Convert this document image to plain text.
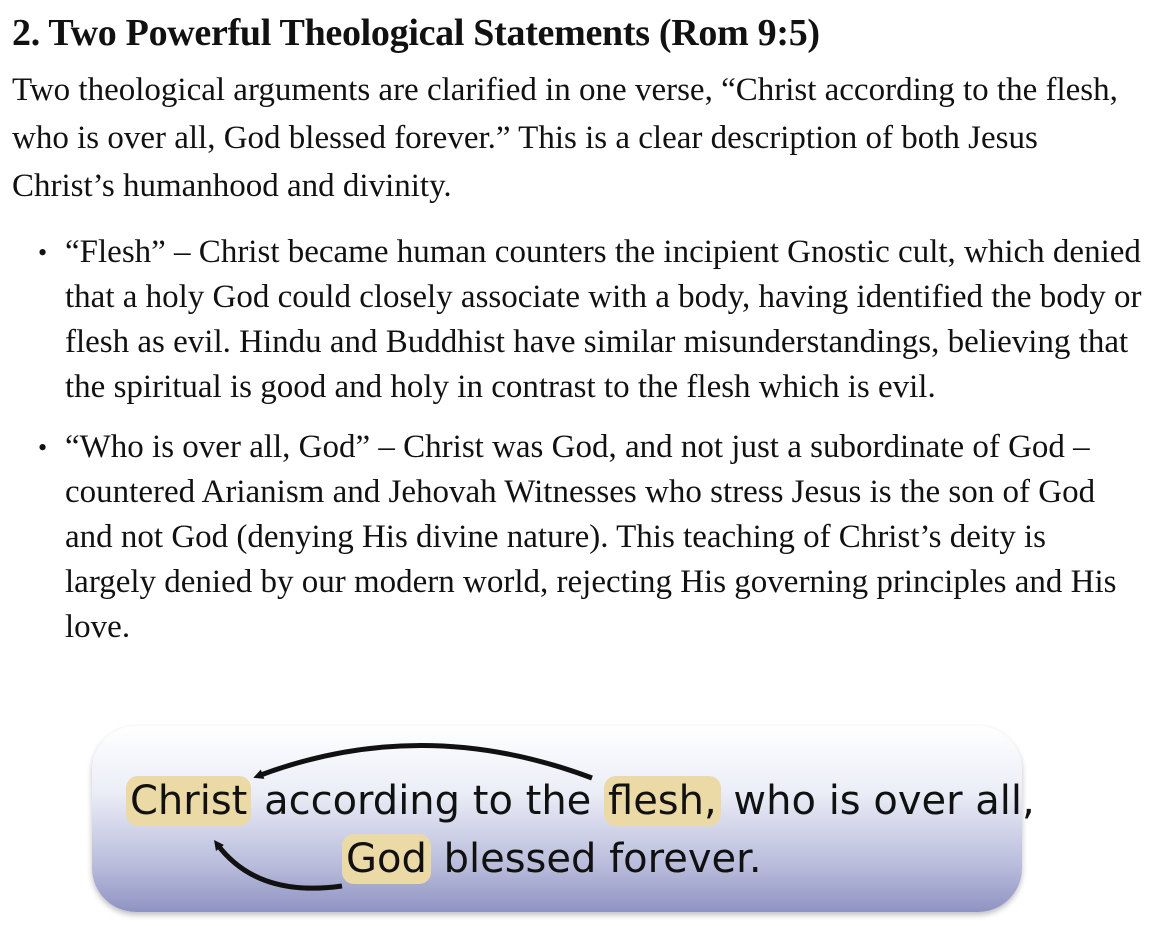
2. Two Powerful Theological Statements (Rom 9:5)

Two theological arguments are clarified in one verse, “Christ according to the flesh, who is over all, God blessed forever.” This is a clear description of both Jesus Christ’s humanhood and divinity.

• “Flesh” – Christ became human counters the incipient Gnostic cult, which denied that a holy God could closely associate with a body, having identified the body or flesh as evil. Hindu and Buddhist have similar misunderstandings, believing that the spiritual is good and holy in contrast to the flesh which is evil.
• “Who is over all, God” – Christ was God, and not just a subordinate of God – countered Arianism and Jehovah Witnesses who stress Jesus is the son of God and not God (denying His divine nature). This teaching of Christ’s deity is largely denied by our modern world, rejecting His governing principles and His love.
Christ according to the flesh, who is over all,
God blessed forever.
